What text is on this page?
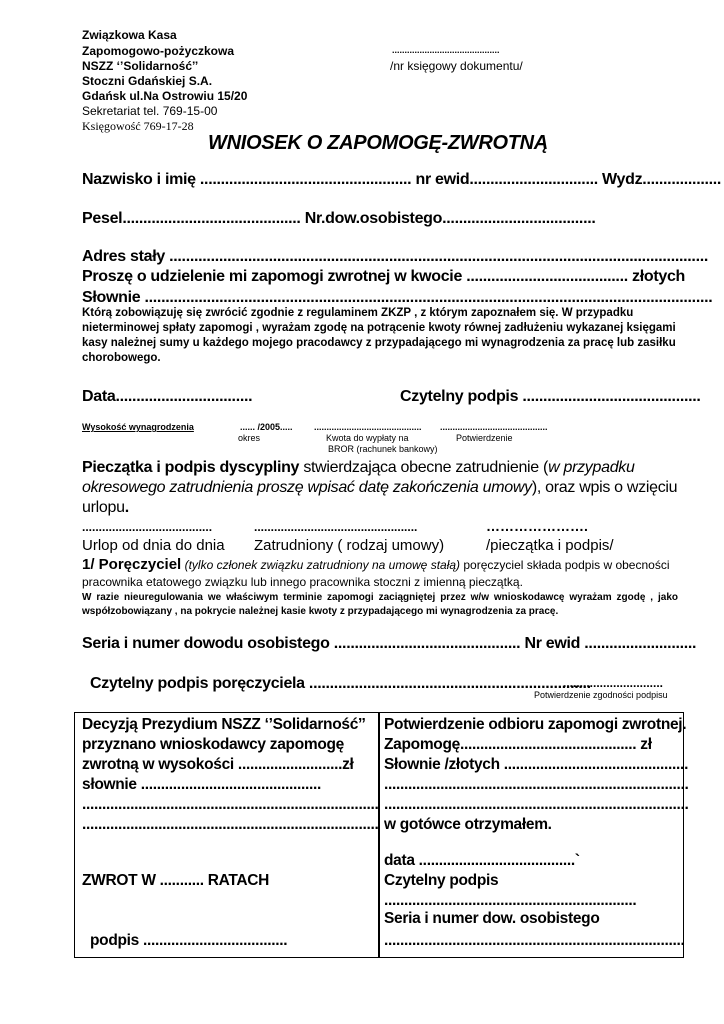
Związkowa Kasa
Zapomogowo-pożyczkowa
NSZZ ‘’Solidarność’’
Stoczni Gdańskiej S.A.
Gdańsk ul.Na Ostrowiu 15/20
Sekretariat tel. 769-15-00
Księgowość 769-17-28
...........................................
/nr księgowy dokumentu/
WNIOSEK O ZAPOMOGĘ-ZWROTNĄ
Nazwisko i imię ................................................... nr ewid............................... Wydz...................
Pesel........................................... Nr.dow.osobistego.....................................
Adres stały ..................................................................................................................................
Proszę o udzielenie mi zapomogi zwrotnej w kwocie ....................................... złotych
Słownie .........................................................................................................................................
Którą zobowiązuję się zwrócić zgodnie z regulaminem ZKZP , z którym zapoznałem się. W przypadku nieterminowej spłaty zapomogi , wyrażam zgodę na potrącenie kwoty równej zadłużeniu wykazanej księgami kasy należnej sumy u każdego mojego pracodawcy z przypadającego mi wynagrodzenia za pracę lub zasiłku chorobowego.
Data.................................	Czytelny podpis ...........................................
Wysokość wynagrodzenia	...... /2005..... ........................................... ...........................................
okres	Kwota do wypłaty na
BROR (rachunek bankowy)
Potwierdzenie
Pieczątka i podpis dyscypliny stwierdzająca obecne zatrudnienie (w przypadku okresowego zatrudnienia proszę wpisać datę zakończenia umowy), oraz wpis o wzięciu urlopu.
.......................................	.................................................	………………….
Urlop od dnia do dnia Zatrudniony ( rodzaj umowy)	/pieczątka i podpis/
1/ Poręczyciel (tylko członek związku zatrudniony na umowę stałą) poręczyciel składa podpis w obecności pracownika etatowego związku lub innego pracownika stoczni z imienną pieczątką.
W razie nieuregulowania we właściwym terminie zapomogi zaciągniętej przez w/w wnioskodawcę wyrażam zgodę , jako współzobowiązany , na pokrycie należnej kasie kwoty z przypadającego mi wynagrodzenia za pracę.
Seria i numer dowodu osobistego ............................................. Nr ewid ...........................
Czytelny podpis poręczyciela ....................................................................
..............................
Potwierdzenie zgodności podpisu
Decyzją Prezydium NSZZ ‘’Solidarność’’
przyznano wnioskodawcy zapomogę
zwrotną w wysokości ..........................zł
słownie .............................................
..........................................................................
..........................................................................
ZWROT W ........... RATACH
podpis ....................................
Potwierdzenie odbioru zapomogi zwrotnej.
Zapomogę............................................ zł
Słownie /złotych ..............................................
............................................................................
............................................................................
w gotówce otrzymałem.
data .......................................`
Czytelny podpis
...............................................................
Seria i numer dow. osobistego
...........................................................................
